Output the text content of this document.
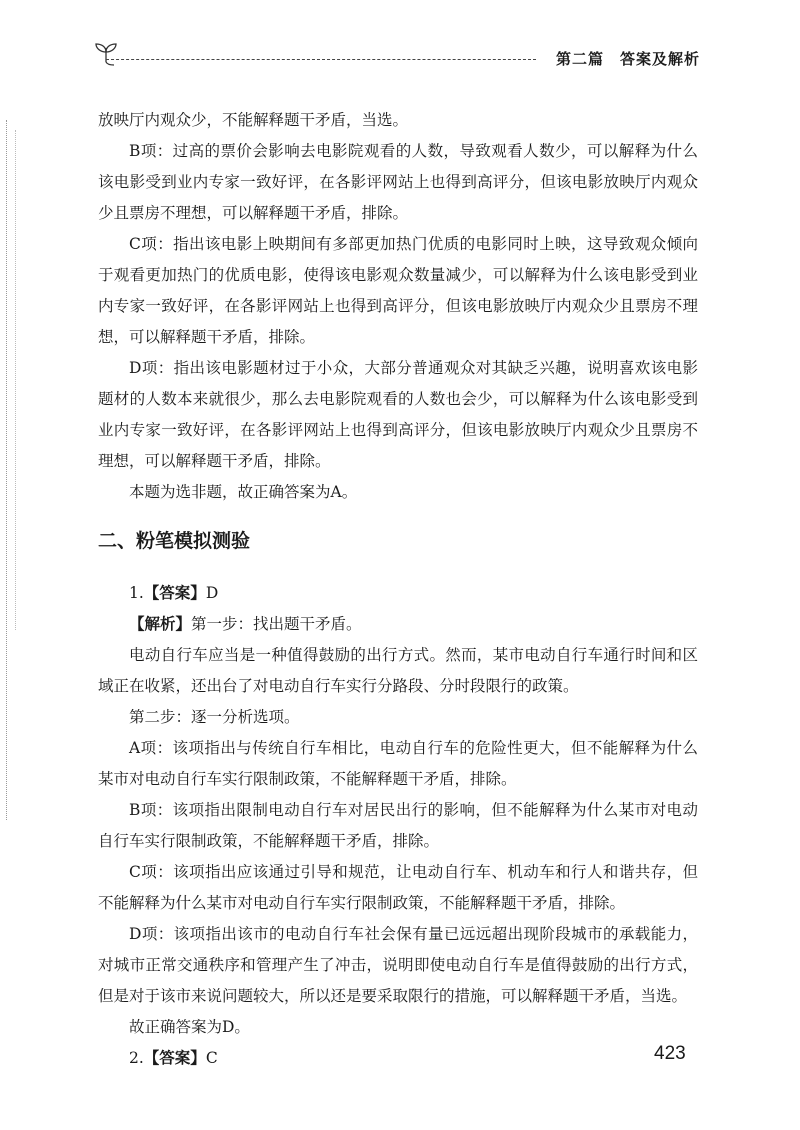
第二篇　答案及解析

放映厅内观众少，不能解释题干矛盾，当选。

B项：过高的票价会影响去电影院观看的人数，导致观看人数少，可以解释为什么该电影受到业内专家一致好评，在各影评网站上也得到高评分，但该电影放映厅内观众少且票房不理想，可以解释题干矛盾，排除。

C项：指出该电影上映期间有多部更加热门优质的电影同时上映，这导致观众倾向于观看更加热门的优质电影，使得该电影观众数量减少，可以解释为什么该电影受到业内专家一致好评，在各影评网站上也得到高评分，但该电影放映厅内观众少且票房不理想，可以解释题干矛盾，排除。

D项：指出该电影题材过于小众，大部分普通观众对其缺乏兴趣，说明喜欢该电影题材的人数本来就很少，那么去电影院观看的人数也会少，可以解释为什么该电影受到业内专家一致好评，在各影评网站上也得到高评分，但该电影放映厅内观众少且票房不理想，可以解释题干矛盾，排除。

本题为选非题，故正确答案为A。

二、粉笔模拟测验

1.【答案】D

【解析】第一步：找出题干矛盾。

电动自行车应当是一种值得鼓励的出行方式。然而，某市电动自行车通行时间和区域正在收紧，还出台了对电动自行车实行分路段、分时段限行的政策。

第二步：逐一分析选项。

A项：该项指出与传统自行车相比，电动自行车的危险性更大，但不能解释为什么某市对电动自行车实行限制政策，不能解释题干矛盾，排除。

B项：该项指出限制电动自行车对居民出行的影响，但不能解释为什么某市对电动自行车实行限制政策，不能解释题干矛盾，排除。

C项：该项指出应该通过引导和规范，让电动自行车、机动车和行人和谐共存，但不能解释为什么某市对电动自行车实行限制政策，不能解释题干矛盾，排除。

D项：该项指出该市的电动自行车社会保有量已远远超出现阶段城市的承载能力，对城市正常交通秩序和管理产生了冲击，说明即使电动自行车是值得鼓励的出行方式，但是对于该市来说问题较大，所以还是要采取限行的措施，可以解释题干矛盾，当选。

故正确答案为D。

2.【答案】C	423
